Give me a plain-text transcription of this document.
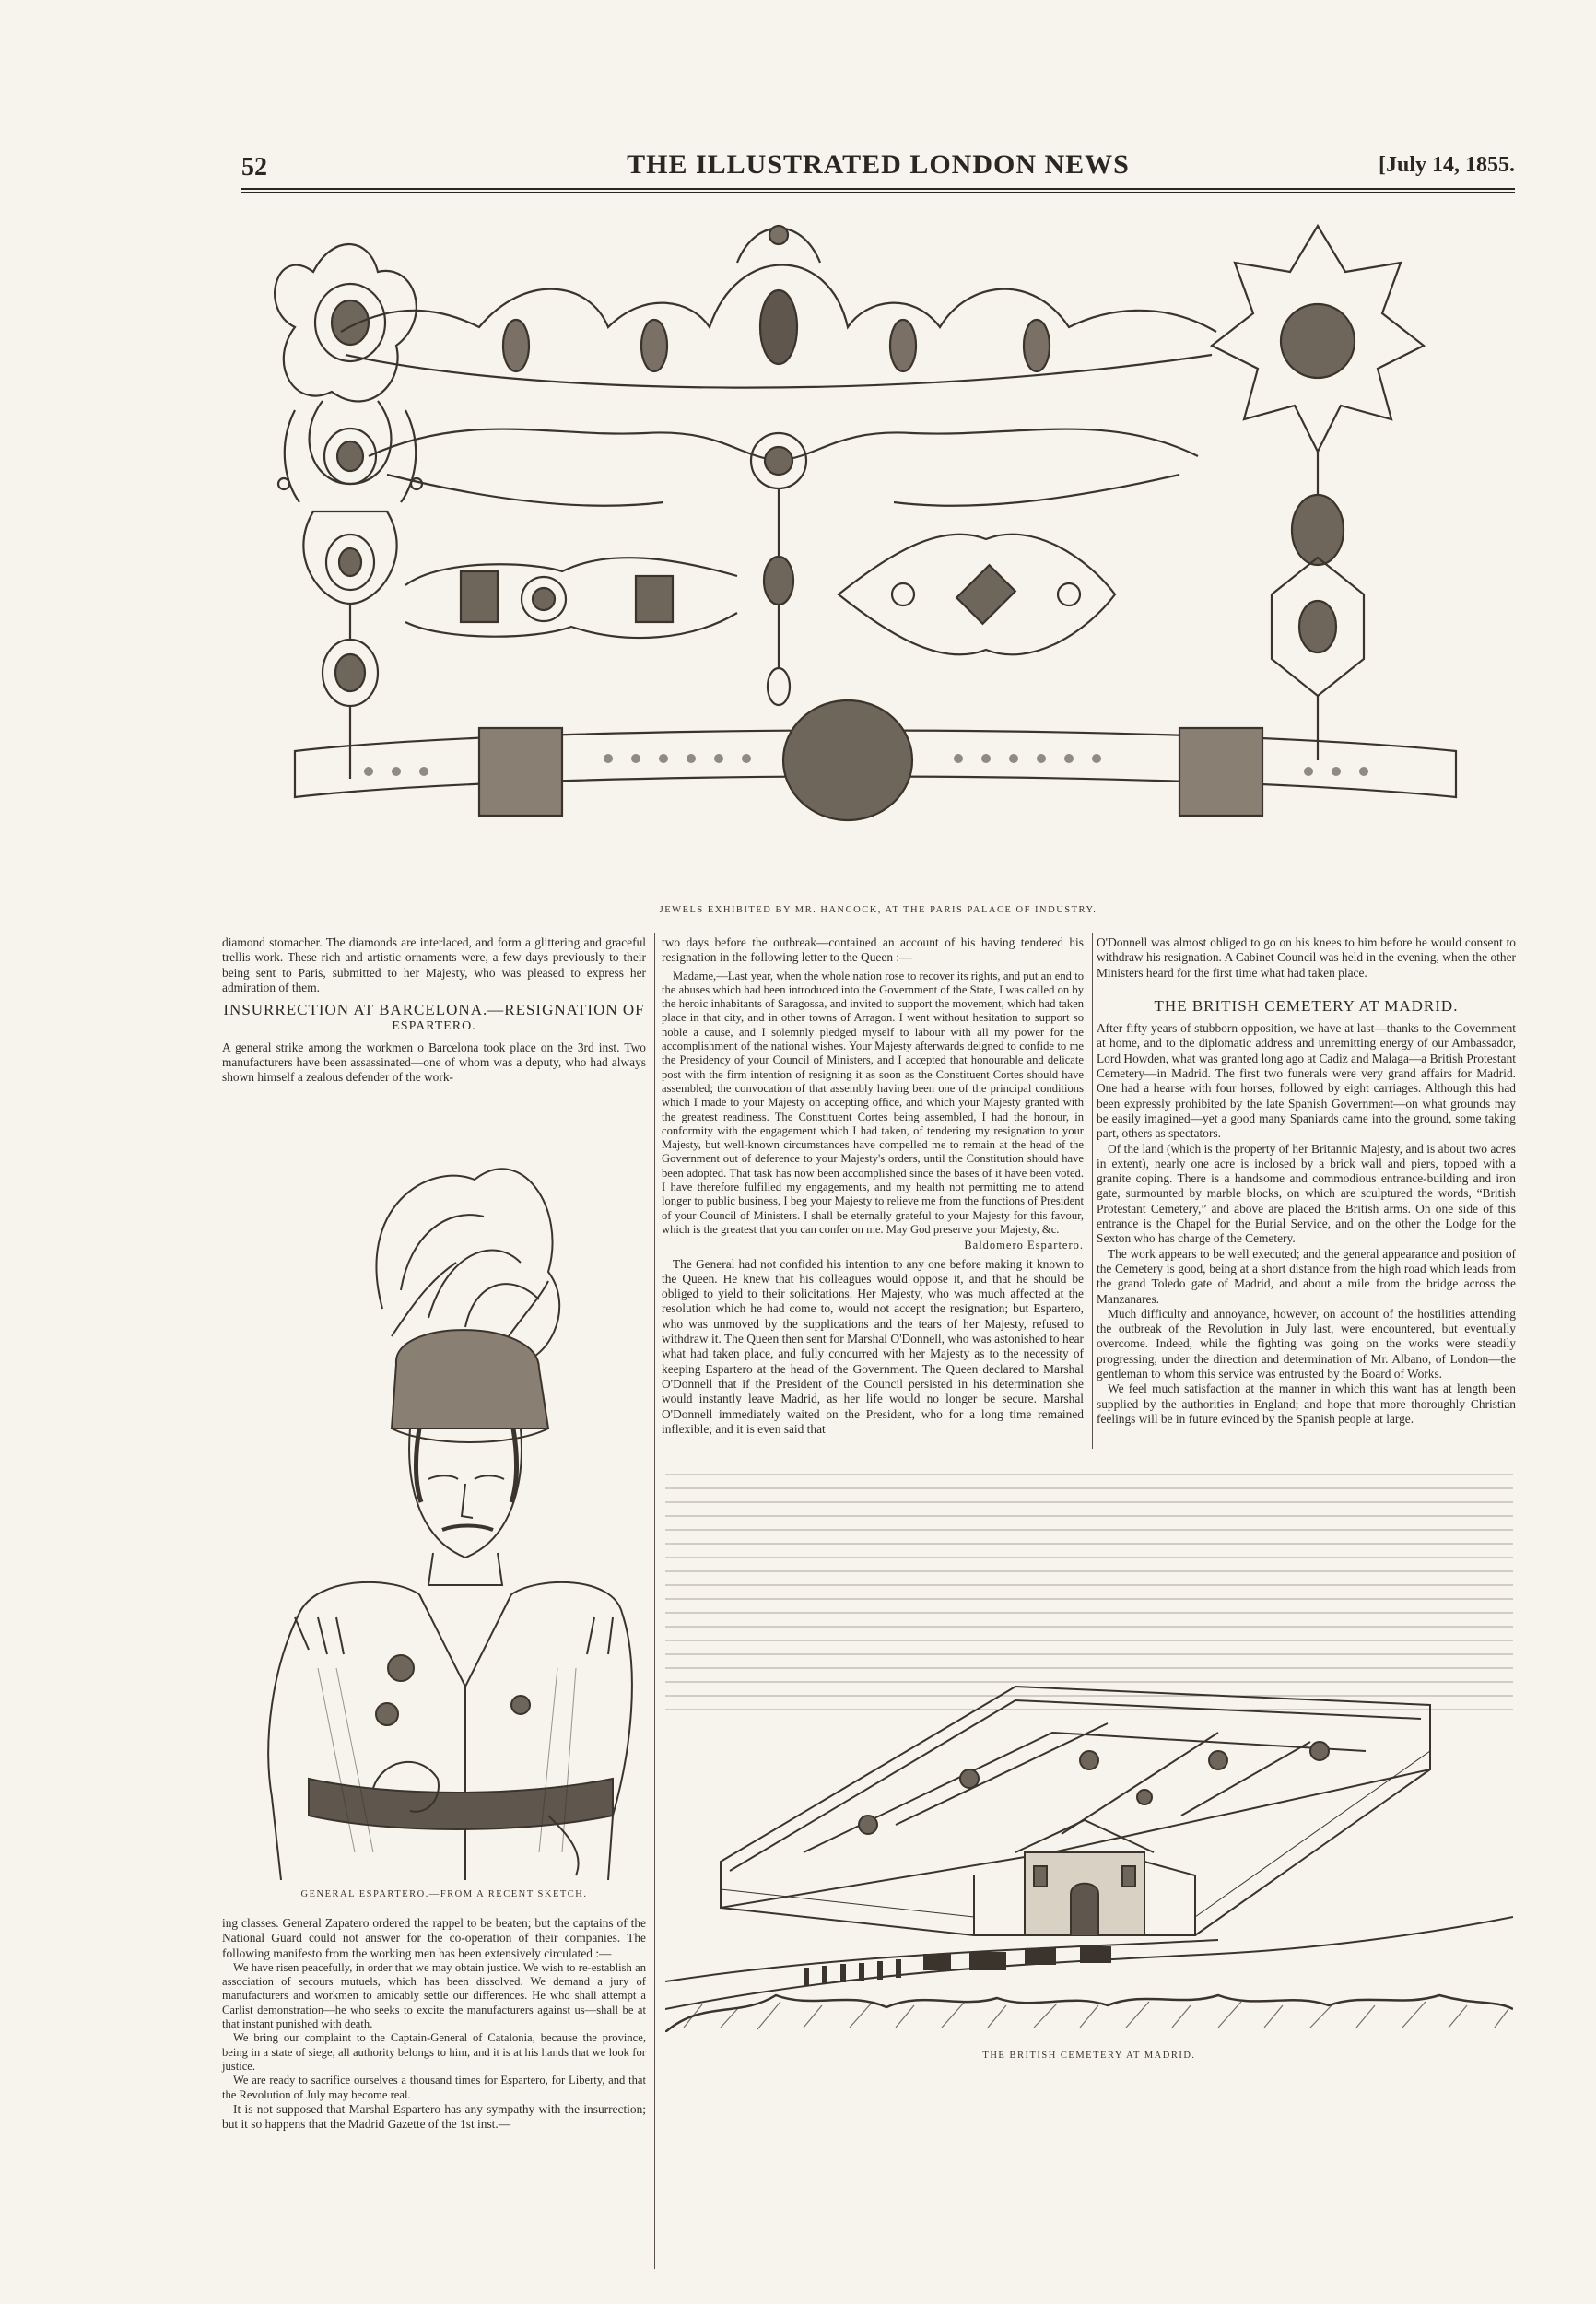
52	THE ILLUSTRATED LONDON NEWS	[July 14, 1855.
JEWELS EXHIBITED BY MR. HANCOCK, AT THE PARIS PALACE OF INDUSTRY.

diamond stomacher. The diamonds are interlaced, and form a glittering and graceful trellis work. These rich and artistic ornaments were, a few days previously to their being sent to Paris, submitted to her Majesty, who was pleased to express her admiration of them.

INSURRECTION AT BARCELONA.—RESIGNATION OF
ESPARTERO.

A general strike among the workmen o Barcelona took place on the 3rd inst. Two manufacturers have been assassinated—one of whom was a deputy, who had always shown himself a zealous defender of the work-

GENERAL ESPARTERO.—FROM A RECENT SKETCH.

ing classes. General Zapatero ordered the rappel to be beaten; but the captains of the National Guard could not answer for the co-operation of their companies. The following manifesto from the working men has been extensively circulated :—

We have risen peacefully, in order that we may obtain justice. We wish to re-establish an association of secours mutuels, which has been dissolved. We demand a jury of manufacturers and workmen to amicably settle our differences. He who shall attempt a Carlist demonstration—he who seeks to excite the manufacturers against us—shall be at that instant punished with death.

We bring our complaint to the Captain-General of Catalonia, because the province, being in a state of siege, all authority belongs to him, and it is at his hands that we look for justice.

We are ready to sacrifice ourselves a thousand times for Espartero, for Liberty, and that the Revolution of July may become real.

It is not supposed that Marshal Espartero has any sympathy with the insurrection; but it so happens that the Madrid Gazette of the 1st inst.—

two days before the outbreak—contained an account of his having tendered his resignation in the following letter to the Queen :—

Madame,—Last year, when the whole nation rose to recover its rights, and put an end to the abuses which had been introduced into the Government of the State, I was called on by the heroic inhabitants of Saragossa, and invited to support the movement, which had taken place in that city, and in other towns of Arragon. I went without hesitation to support so noble a cause, and I solemnly pledged myself to labour with all my power for the accomplishment of the national wishes. Your Majesty afterwards deigned to confide to me the Presidency of your Council of Ministers, and I accepted that honourable and delicate post with the firm intention of resigning it as soon as the Constituent Cortes should have assembled; the convocation of that assembly having been one of the principal conditions which I made to your Majesty on accepting office, and which your Majesty granted with the greatest readiness. The Constituent Cortes being assembled, I had the honour, in conformity with the engagement which I had taken, of tendering my resignation to your Majesty, but well-known circumstances have compelled me to remain at the head of the Government out of deference to your Majesty's orders, until the Constitution should have been adopted. That task has now been accomplished since the bases of it have been voted. I have therefore fulfilled my engagements, and my health not permitting me to attend longer to public business, I beg your Majesty to relieve me from the functions of President of your Council of Ministers. I shall be eternally grateful to your Majesty for this favour, which is the greatest that you can confer on me. May God preserve your Majesty, &c.

Baldomero Espartero.

The General had not confided his intention to any one before making it known to the Queen. He knew that his colleagues would oppose it, and that he should be obliged to yield to their solicitations. Her Majesty, who was much affected at the resolution which he had come to, would not accept the resignation; but Espartero, who was unmoved by the supplications and the tears of her Majesty, refused to withdraw it. The Queen then sent for Marshal O'Donnell, who was astonished to hear what had taken place, and fully concurred with her Majesty as to the necessity of keeping Espartero at the head of the Government. The Queen declared to Marshal O'Donnell that if the President of the Council persisted in his determination she would instantly leave Madrid, as her life would no longer be secure. Marshal O'Donnell immediately waited on the President, who for a long time remained inflexible; and it is even said that

O'Donnell was almost obliged to go on his knees to him before he would consent to withdraw his resignation. A Cabinet Council was held in the evening, when the other Ministers heard for the first time what had taken place.

THE BRITISH CEMETERY AT MADRID.

After fifty years of stubborn opposition, we have at last—thanks to the Government at home, and to the diplomatic address and unremitting energy of our Ambassador, Lord Howden, what was granted long ago at Cadiz and Malaga—a British Protestant Cemetery—in Madrid. The first two funerals were very grand affairs for Madrid. One had a hearse with four horses, followed by eight carriages. Although this had been expressly prohibited by the late Spanish Government—on what grounds may be easily imagined—yet a good many Spaniards came into the ground, some taking part, others as spectators.

Of the land (which is the property of her Britannic Majesty, and is about two acres in extent), nearly one acre is inclosed by a brick wall and piers, topped with a granite coping. There is a handsome and commodious entrance-building and iron gate, surmounted by marble blocks, on which are sculptured the words, “British Protestant Cemetery,” and above are placed the British arms. On one side of this entrance is the Chapel for the Burial Service, and on the other the Lodge for the Sexton who has charge of the Cemetery.

The work appears to be well executed; and the general appearance and position of the Cemetery is good, being at a short distance from the high road which leads from the grand Toledo gate of Madrid, and about a mile from the bridge across the Manzanares.

Much difficulty and annoyance, however, on account of the hostilities attending the outbreak of the Revolution in July last, were encountered, but eventually overcome. Indeed, while the fighting was going on the works were steadily progressing, under the direction and determination of Mr. Albano, of London—the gentleman to whom this service was entrusted by the Board of Works.

We feel much satisfaction at the manner in which this want has at length been supplied by the authorities in England; and hope that more thoroughly Christian feelings will be in future evinced by the Spanish people at large.

THE BRITISH CEMETERY AT MADRID.
